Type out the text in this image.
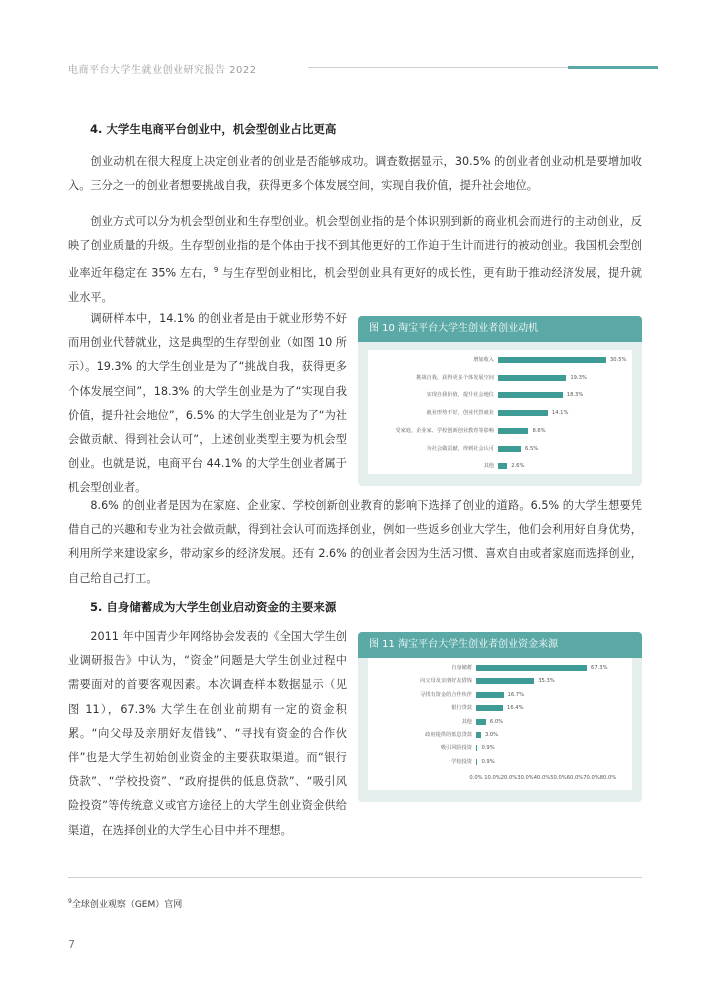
电商平台大学生就业创业研究报告 2022
4. 大学生电商平台创业中，机会型创业占比更高

创业动机在很大程度上决定创业者的创业是否能够成功。调查数据显示，30.5% 的创业者创业动机是要增加收入。三分之一的创业者想要挑战自我，获得更多个体发展空间，实现自我价值，提升社会地位。

创业方式可以分为机会型创业和生存型创业。机会型创业指的是个体识别到新的商业机会而进行的主动创业，反映了创业质量的升级。生存型创业指的是个体由于找不到其他更好的工作迫于生计而进行的被动创业。我国机会型创业率近年稳定在 35% 左右，$^9$ 与生存型创业相比，机会型创业具有更好的成长性，更有助于推动经济发展，提升就业水平。

调研样本中，14.1% 的创业者是由于就业形势不好而用创业代替就业，这是典型的生存型创业（如图 10 所示）。19.3% 的大学生创业是为了“挑战自我，获得更多个体发展空间”，18.3% 的大学生创业是为了“实现自我价值，提升社会地位”，6.5% 的大学生创业是为了“为社会做贡献、得到社会认可”，上述创业类型主要为机会型创业。也就是说，电商平台 44.1% 的大学生创业者属于机会型创业者。

图 10 淘宝平台大学生创业者创业动机
增加收入	30.5%
挑战自我，获得更多个体发展空间	19.3%
实现自我价值，提升社会地位	18.3%
就业形势不好，创业代替就业	14.1%
受家庭、企业家、学校创新创业教育等影响	8.6%
为社会做贡献、得到社会认可	6.5%
其他	2.6%

8.6% 的创业者是因为在家庭、企业家、学校创新创业教育的影响下选择了创业的道路。6.5% 的大学生想要凭借自己的兴趣和专业为社会做贡献，得到社会认可而选择创业，例如一些返乡创业大学生，他们会利用好自身优势，利用所学来建设家乡，带动家乡的经济发展。还有 2.6% 的创业者会因为生活习惯、喜欢自由或者家庭而选择创业，自己给自己打工。

5. 自身储蓄成为大学生创业启动资金的主要来源

2011 年中国青少年网络协会发表的《全国大学生创业调研报告》中认为，“资金”问题是大学生创业过程中需要面对的首要客观因素。本次调查样本数据显示（见图 11），67.3% 大学生在创业前期有一定的资金积累。“向父母及亲朋好友借钱”、“寻找有资金的合作伙伴”也是大学生初始创业资金的主要获取渠道。而“银行贷款”、“学校投资”、“政府提供的低息贷款”、“吸引风险投资”等传统意义或官方途径上的大学生创业资金供给渠道，在选择创业的大学生心目中并不理想。

图 11 淘宝平台大学生创业者创业资金来源
自身储蓄	67.3%
向父母及亲朋好友借钱	35.3%
寻找有资金的合作伙伴	16.7%
银行贷款	16.4%
其他	6.0%
政府提供的低息贷款 3.0%
吸引风险投资 0.9%
学校投资 0.9%
0.0% 10.0% 20.0% 30.0% 40.0% 50.0% 60.0% 70.0% 80.0%
$^9$全球创业观察（GEM）官网
7
